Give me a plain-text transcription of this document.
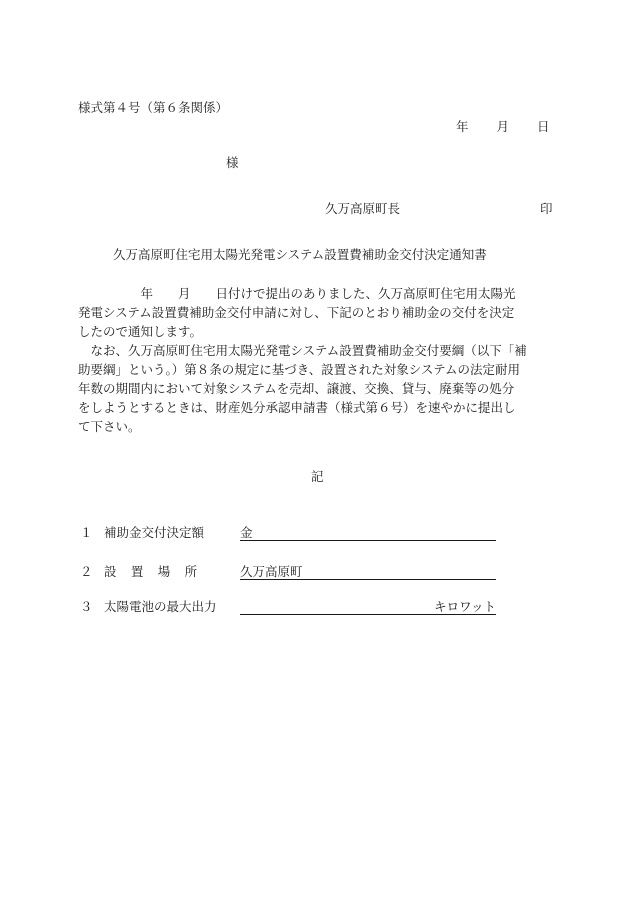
様式第４号（第６条関係）
年 月 日
様
久万高原町長	印
久万高原町住宅用太陽光発電システム設置費補助金交付決定通知書
　　　　　年　　月　　日付けで提出のありました、久万高原町住宅用太陽光
発電システム設置費補助金交付申請に対し、下記のとおり補助金の交付を決定
したので通知します。
　なお、久万高原町住宅用太陽光発電システム設置費補助金交付要綱（以下「補
助要綱」という。）第８条の規定に基づき、設置された対象システムの法定耐用
年数の期間内において対象システムを売却、譲渡、交換、貸与、廃棄等の処分
をしようとするときは、財産処分承認申請書（様式第６号）を速やかに提出し
て下さい。
記
１ 補助金交付決定額	金
２ 設置場所 久万高原町
３ 太陽電池の最大出力	キロワット
